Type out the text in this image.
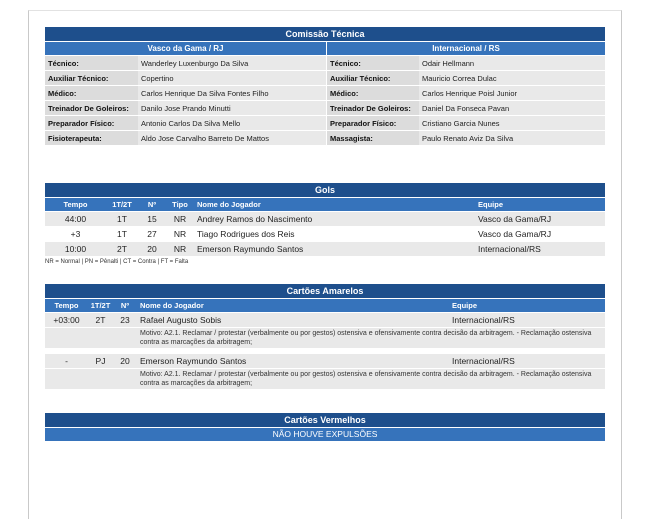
Comissão Técnica
Vasco da Gama / RJ	Internacional / RS
Técnico:	Wanderley Luxenburgo Da Silva		Técnico:	Odair Hellmann
Auxiliar Técnico:	Copertino		Auxiliar Técnico:	Mauricio Correa Dulac
Médico:	Carlos Henrique Da Silva Fontes Filho		Médico:	Carlos Henrique Poisl Junior
Treinador De Goleiros:	Danilo Jose Prando Minutti		Treinador De Goleiros:	Daniel Da Fonseca Pavan
Preparador Físico:	Antonio Carlos Da Silva Mello		Preparador Físico:	Cristiano Garcia Nunes
Fisioterapeuta:	Aldo Jose Carvalho Barreto De Mattos		Massagista:	Paulo Renato Aviz Da Silva
Gols
Tempo	1T/2T	Nº	Tipo	Nome do Jogador	Equipe
44:00	1T	15	NR	Andrey Ramos do Nascimento	Vasco da Gama/RJ
+3	1T	27	NR	Tiago Rodrigues dos Reis	Vasco da Gama/RJ
10:00	2T	20	NR	Emerson Raymundo Santos	Internacional/RS
NR = Normal | PN = Pênalti | CT = Contra | FT = Falta
Cartões Amarelos
Tempo	1T/2T	Nº	Nome do Jogador	Equipe
+03:00	2T	23	Rafael Augusto Sobis	Internacional/RS
			Motivo: A2.1. Reclamar / protestar (verbalmente ou por gestos) ostensiva e ofensivamente contra decisão da arbitragem. - Reclamação ostensiva contra as marcações da arbitragem;	

-	PJ	20	Emerson Raymundo Santos	Internacional/RS
			Motivo: A2.1. Reclamar / protestar (verbalmente ou por gestos) ostensiva e ofensivamente contra decisão da arbitragem. - Reclamação ostensiva contra as marcações da arbitragem;	
Cartões Vermelhos
NÃO HOUVE EXPULSÕES
